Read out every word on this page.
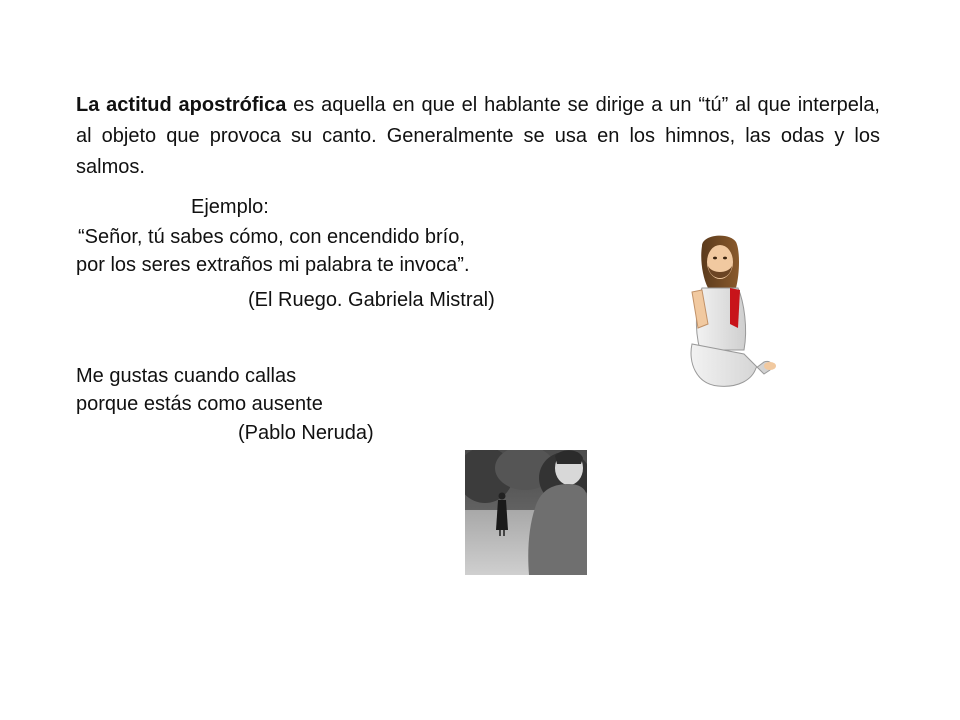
La actitud apostrófica es aquella en que el hablante se dirige a un “tú” al que interpela, al objeto que provoca su canto. Generalmente se usa en los himnos, las odas y los salmos.

Ejemplo:
“Señor, tú sabes cómo, con encendido brío,
por los seres extraños mi palabra te invoca”.
(El Ruego. Gabriela Mistral)
Me gustas cuando callas
porque estás como ausente
(Pablo Neruda)
